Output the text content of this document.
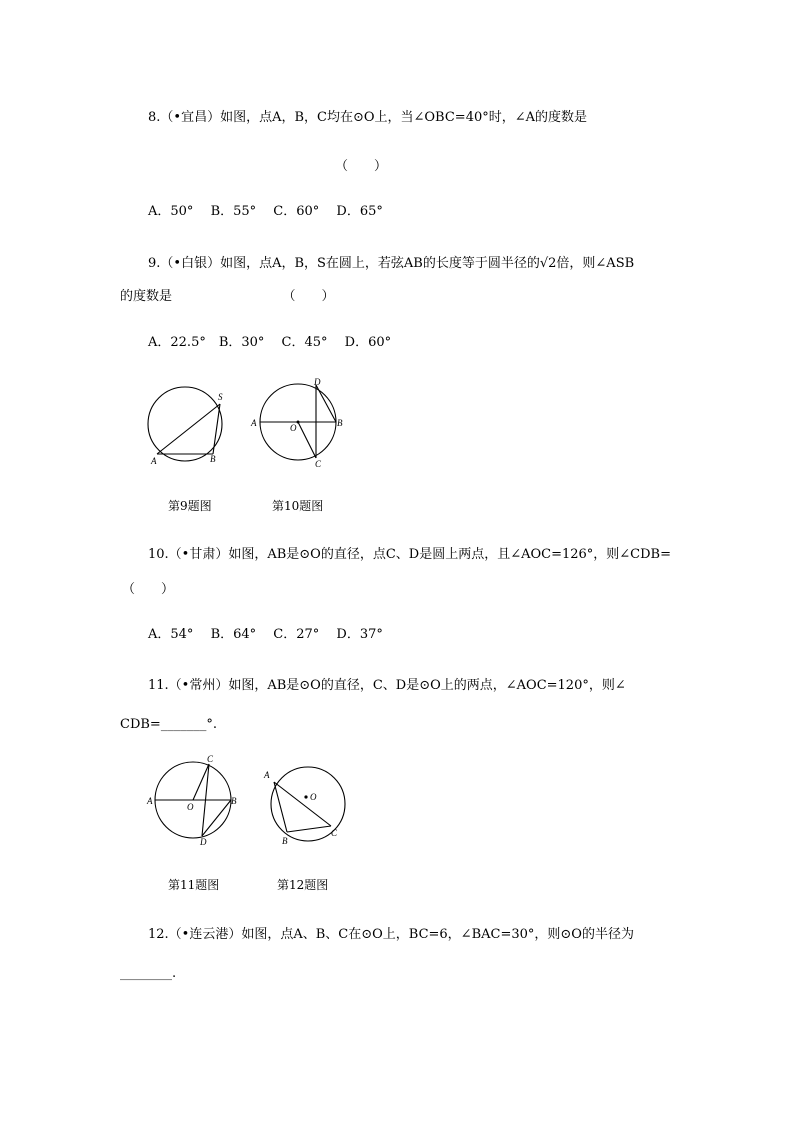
8.（•宜昌）如图，点A，B，C均在⊙O上，当∠OBC=40°时，∠A的度数是
（　　）
A．50°　 B．55°　 C．60°　 D．65°
9.（•白银）如图，点A，B，S在圆上，若弦AB的长度等于圆半径的√2倍，则∠ASB
的度数是　　　　　　　　　（　　）
A．22.5°　B．30°　 C．45°　 D．60°
A	B
S
A	B
C
D
O
第9题图	第10题图
10.（•甘肃）如图，AB是⊙O的直径，点C、D是圆上两点，且∠AOC=126°，则∠CDB=
（　　）
A．54°　 B．64°　 C．27°　 D．37°
11.（•常州）如图，AB是⊙O的直径，C、D是⊙O上的两点，∠AOC=120°，则∠
CDB=_______°.
A	B
C
D
O
A
B
C
O
第11题图	第12题图
12.（•连云港）如图，点A、B、C在⊙O上，BC=6，∠BAC=30°，则⊙O的半径为
________.
